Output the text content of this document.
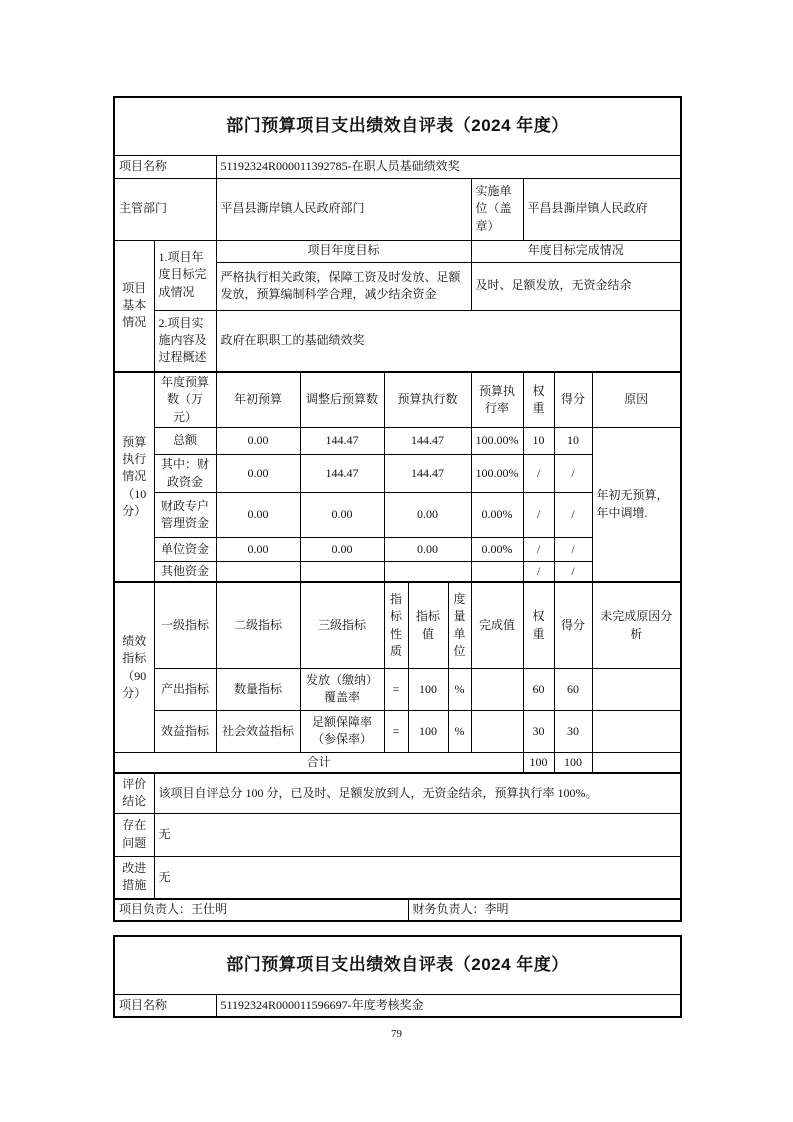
部门预算项目支出绩效自评表（2024 年度）										
项目名称		51192324R000011392785-在职人员基础绩效奖								
主管部门		平昌县澌岸镇人民政府部门					实施单位（盖章）	平昌县澌岸镇人民政府		
项目基本情况	1.项目年度目标完成情况	项目年度目标					年度目标完成情况			
		严格执行相关政策，保障工资及时发放、足额发放，预算编制科学合理，减少结余资金					及时、足额发放，无资金结余			
	2.项目实施内容及过程概述	政府在职职工的基础绩效奖								
预算执行情况（10分）	年度预算数（万元）	年初预算	调整后预算数	预算执行数			预算执行率	权重	得分	原因
	总额	0.00	144.47	144.47			100.00%	10	10	年初无预算，年中调增.
	其中：财政资金	0.00	144.47	144.47			100.00%	/	/	
	财政专户管理资金	0.00	0.00	0.00			0.00%	/	/	
	单位资金	0.00	0.00	0.00			0.00%	/	/	
	其他资金							/	/	
绩效指标（90分）	一级指标	二级指标	三级指标	指标性质	指标值	度量单位	完成值	权重	得分	未完成原因分析
	产出指标	数量指标	发放（缴纳）覆盖率	=	100	%		60	60	
	效益指标	社会效益指标	足额保障率（参保率）	=	100	%		30	30	
合计								100	100	
评价结论	该项目自评总分 100 分，已及时、足额发放到人，无资金结余，预算执行率 100%。									
存在问题	无									
改进措施	无									
项目负责人：王仕明					财务负责人：李明					
部门预算项目支出绩效自评表（2024 年度）
项目名称	51192324R000011596697-年度考核奖金
79
